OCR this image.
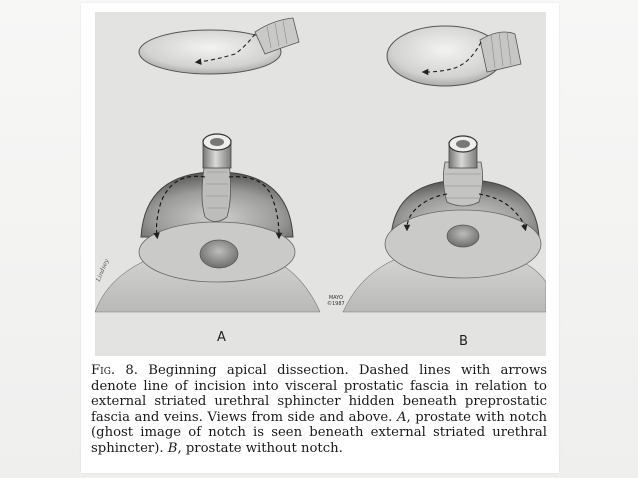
Lindsey
MAYO
©1987
A	B

Fig. 8. Beginning apical dissection. Dashed lines with arrows denote line of incision into visceral prostatic fascia in relation to external striated urethral sphincter hidden beneath preprostatic fascia and veins. Views from side and above. A, prostate with notch (ghost image of notch is seen beneath external striated urethral sphincter). B, prostate without notch.
